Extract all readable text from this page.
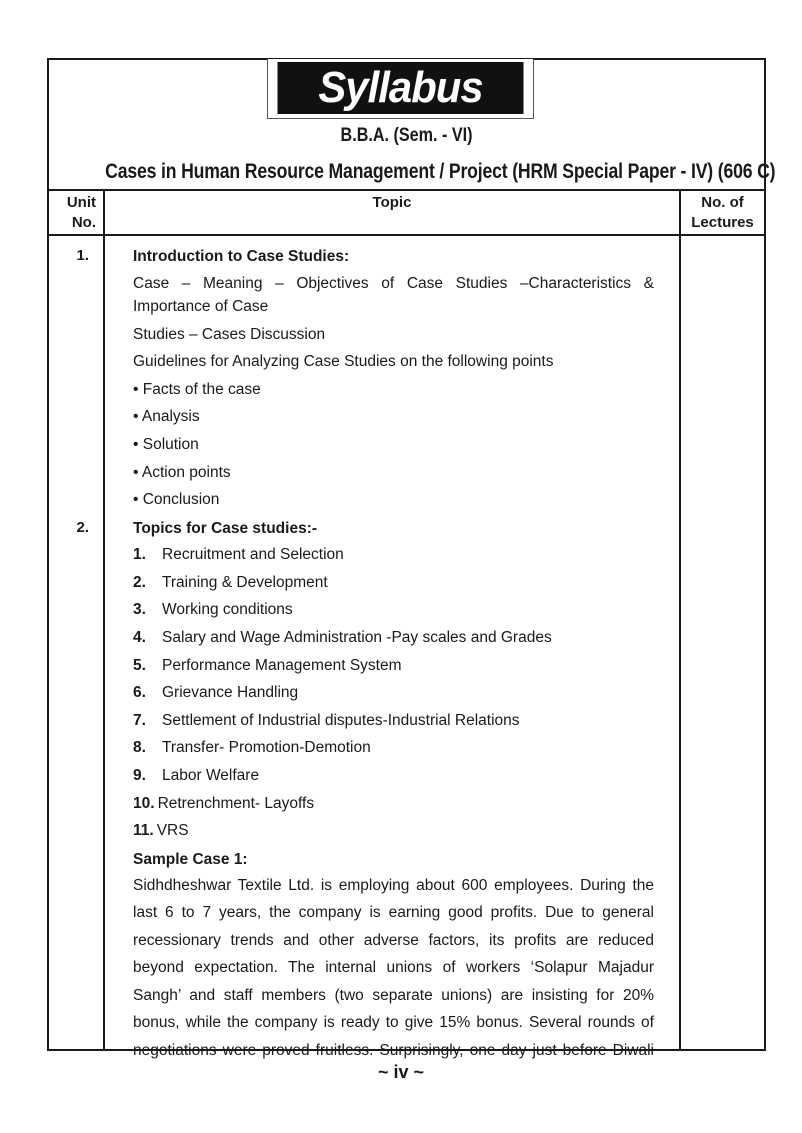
Syllabus
B.B.A. (Sem. - VI)
Cases in Human Resource Management / Project (HRM Special Paper - IV) (606 C)
Unit
No.
Topic	No. of
Lectures
1.
2.
Introduction to Case Studies:
Case – Meaning – Objectives of Case Studies –Characteristics &
Importance of Case
Studies – Cases Discussion
Guidelines for Analyzing Case Studies on the following points
• Facts of the case
• Analysis
• Solution
• Action points
• Conclusion
Topics for Case studies:-
1. Recruitment and Selection
2. Training & Development
3. Working conditions
4. Salary and Wage Administration -Pay scales and Grades
5. Performance Management System
6. Grievance Handling
7. Settlement of Industrial disputes-Industrial Relations
8. Transfer- Promotion-Demotion
9. Labor Welfare
10. Retrenchment- Layoffs
11. VRS
Sample Case 1:
Sidhdheshwar Textile Ltd. is employing about 600 employees. During the
last 6 to 7 years, the company is earning good profits. Due to general
recessionary trends and other adverse factors, its profits are reduced
beyond expectation. The internal unions of workers ‘Solapur Majadur
Sangh’ and staff members (two separate unions) are insisting for 20%
bonus, while the company is ready to give 15% bonus. Several rounds of
negotiations were proved fruitless. Surprisingly, one day just before Diwali
~ iv ~
